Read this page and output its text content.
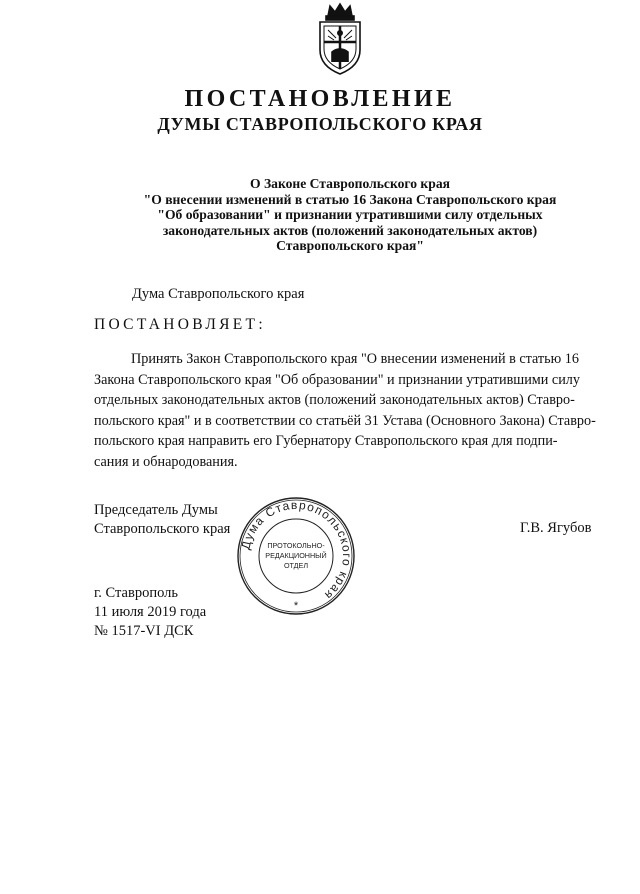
ПОСТАНОВЛЕНИЕ
ДУМЫ СТАВРОПОЛЬСКОГО КРАЯ
О Законе Ставропольского края
"О внесении изменений в статью 16 Закона Ставропольского края
"Об образовании" и признании утратившими силу отдельных
законодательных актов (положений законодательных актов)
Ставропольского края"
Дума Ставропольского края
ПОСТАНОВЛЯЕТ:
Принять Закон Ставропольского края "О внесении изменений в статью 16
Закона Ставропольского края "Об образовании" и признании утратившими силу
отдельных законодательных актов (положений законодательных актов) Ставро-
польского края" и в соответствии со статьёй 31 Устава (Основного Закона) Ставро-
польского края направить его Губернатору Ставропольского края для подпи-
сания и обнародования.
Председатель Думы
Ставропольского края
Дума Ставропольского края
ПРОТОКОЛЬНО-
РЕДАКЦИОННЫЙ
ОТДЕЛ
*
Г.В. Ягубов
г. Ставрополь
11 июля 2019 года
№ 1517-VI ДСК
